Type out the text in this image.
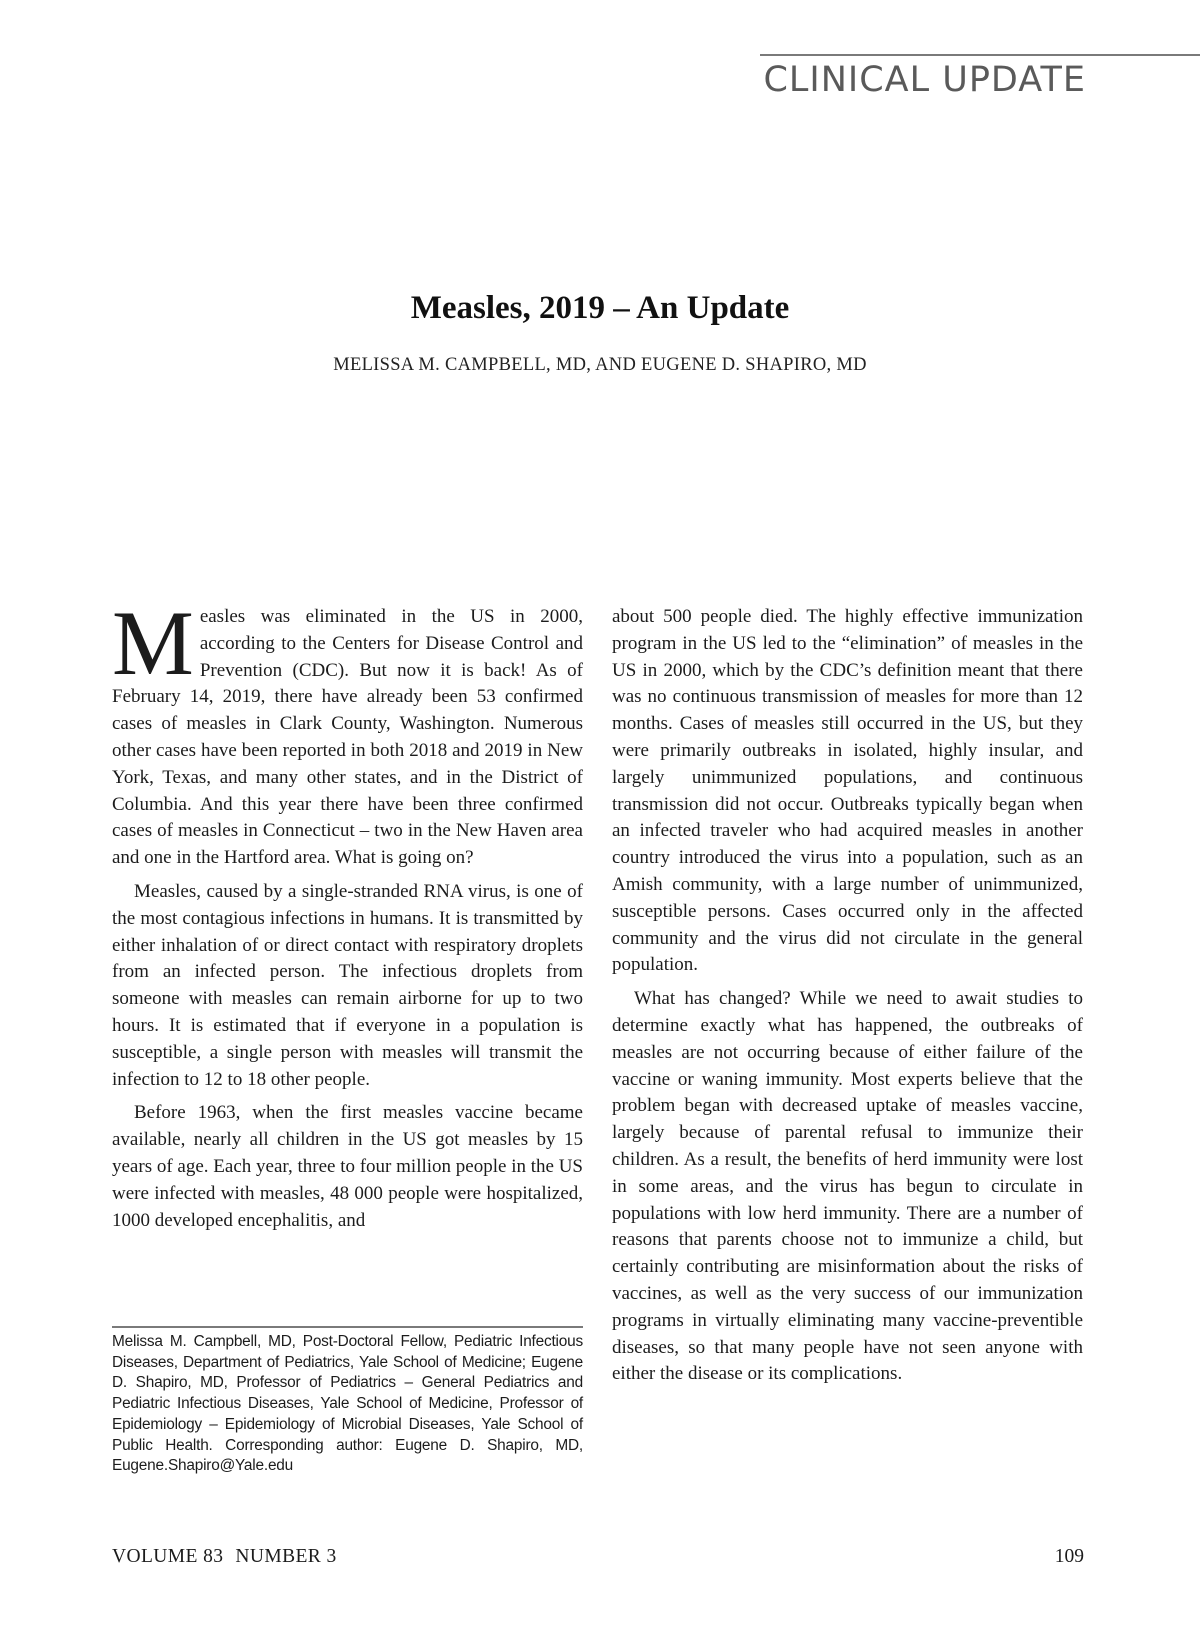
CLINICAL UPDATE
Measles, 2019 – An Update

MELISSA M. CAMPBELL, MD, AND EUGENE D. SHAPIRO, MD

Measles was eliminated in the US in 2000, according to the Centers for Disease Control and Prevention (CDC). But now it is back! As of February 14, 2019, there have already been 53 confirmed cases of measles in Clark County, Washington. Numerous other cases have been reported in both 2018 and 2019 in New York, Texas, and many other states, and in the District of Columbia. And this year there have been three confirmed cases of measles in Connecticut – two in the New Haven area and one in the Hartford area. What is going on?

Measles, caused by a single-stranded RNA virus, is one of the most contagious infections in humans. It is transmitted by either inhalation of or direct contact with respiratory droplets from an infected person. The infectious droplets from someone with measles can remain airborne for up to two hours. It is estimated that if everyone in a population is susceptible, a single person with measles will transmit the infection to 12 to 18 other people.

Before 1963, when the first measles vaccine became available, nearly all children in the US got measles by 15 years of age. Each year, three to four million people in the US were infected with measles, 48 000 people were hospitalized, 1000 developed encephalitis, and

about 500 people died. The highly effective immunization program in the US led to the “elimination” of measles in the US in 2000, which by the CDC’s definition meant that there was no continuous transmission of measles for more than 12 months. Cases of measles still occurred in the US, but they were primarily outbreaks in isolated, highly insular, and largely unimmunized populations, and continuous transmission did not occur. Outbreaks typically began when an infected traveler who had acquired measles in another country introduced the virus into a population, such as an Amish community, with a large number of unimmunized, susceptible persons. Cases occurred only in the affected community and the virus did not circulate in the general population.

What has changed? While we need to await studies to determine exactly what has happened, the outbreaks of measles are not occurring because of either failure of the vaccine or waning immunity. Most experts believe that the problem began with decreased uptake of measles vaccine, largely because of parental refusal to immunize their children. As a result, the benefits of herd immunity were lost in some areas, and the virus has begun to circulate in populations with low herd immunity. There are a number of reasons that parents choose not to immunize a child, but certainly contributing are misinformation about the risks of vaccines, as well as the very success of our immunization programs in virtually eliminating many vaccine-preventible diseases, so that many people have not seen anyone with either the disease or its complications.

Melissa M. Campbell, MD, Post-Doctoral Fellow, Pediatric Infectious Diseases, Department of Pediatrics, Yale School of Medicine; Eugene D. Shapiro, MD, Professor of Pediatrics – General Pediatrics and Pediatric Infectious Diseases, Yale School of Medicine, Professor of Epidemiology – Epidemiology of Microbial Diseases, Yale School of Public Health. Corresponding author: Eugene D. Shapiro, MD, Eugene.Shapiro@Yale.edu

VOLUME 83 NUMBER 3	109
